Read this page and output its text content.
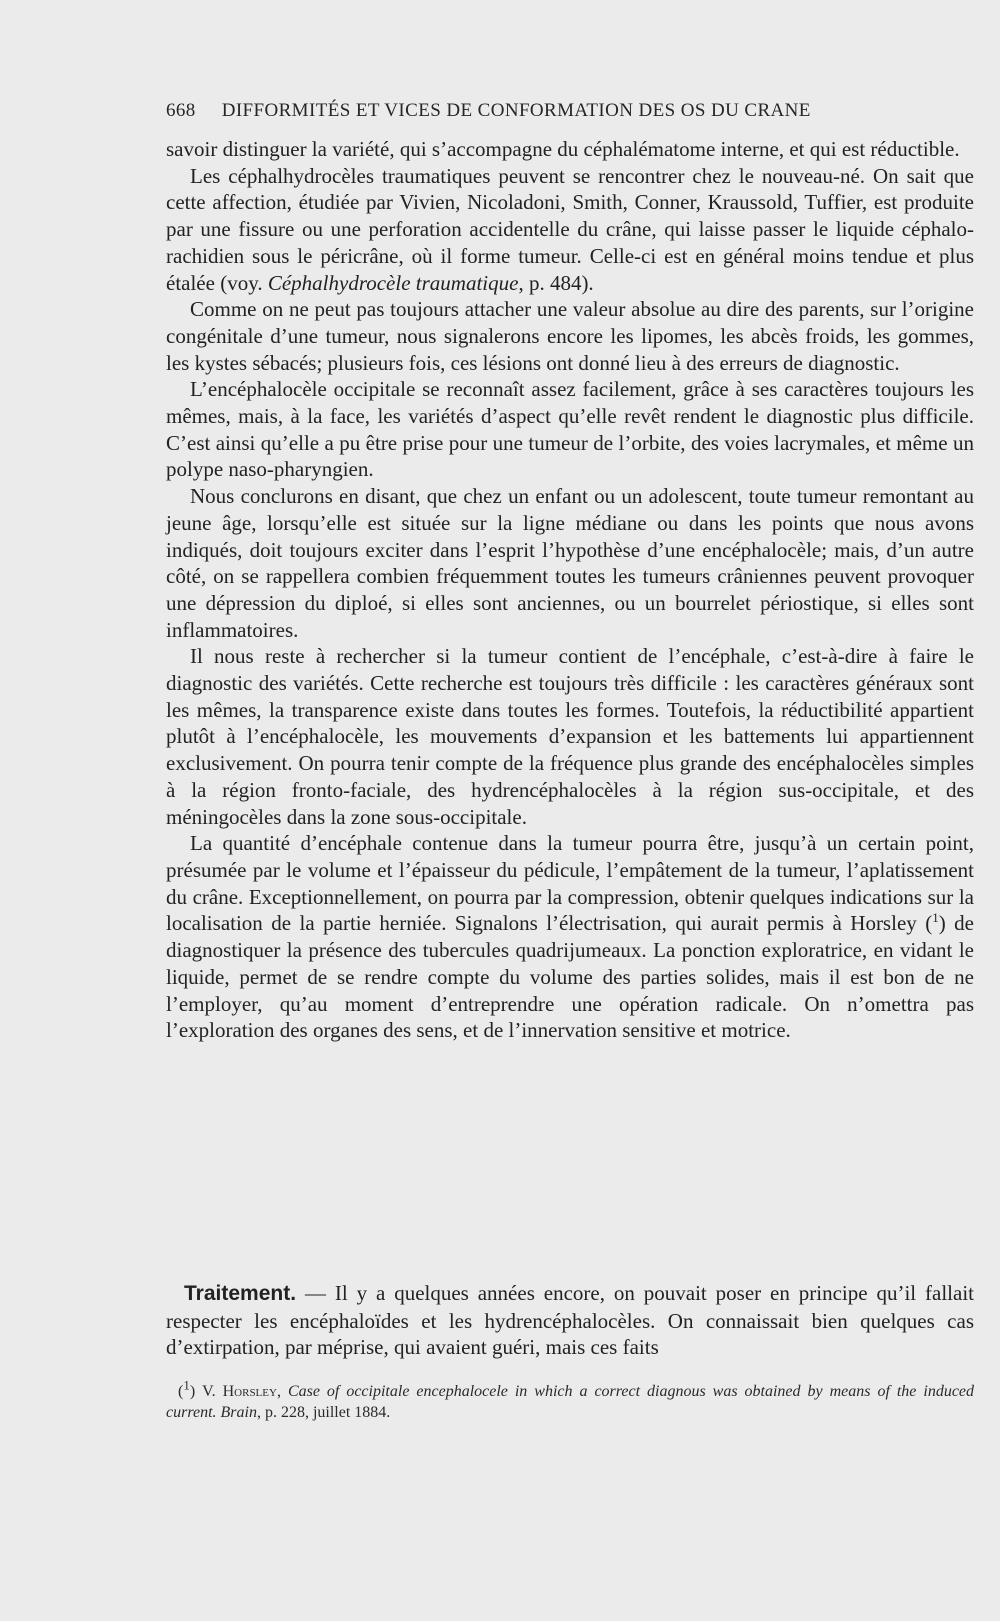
668 DIFFORMITÉS ET VICES DE CONFORMATION DES OS DU CRANE

savoir distinguer la variété, qui s’accompagne du céphalématome interne, et qui est réductible.

Les céphalhydrocèles traumatiques peuvent se rencontrer chez le nouveau-né. On sait que cette affection, étudiée par Vivien, Nicoladoni, Smith, Conner, Kraussold, Tuffier, est produite par une fissure ou une perforation accidentelle du crâne, qui laisse passer le liquide céphalo-rachidien sous le péricrâne, où il forme tumeur. Celle-ci est en général moins tendue et plus étalée (voy. Céphalhydrocèle traumatique, p. 484).

Comme on ne peut pas toujours attacher une valeur absolue au dire des parents, sur l’origine congénitale d’une tumeur, nous signalerons encore les lipomes, les abcès froids, les gommes, les kystes sébacés; plusieurs fois, ces lésions ont donné lieu à des erreurs de diagnostic.

L’encéphalocèle occipitale se reconnaît assez facilement, grâce à ses caractères toujours les mêmes, mais, à la face, les variétés d’aspect qu’elle revêt rendent le diagnostic plus difficile. C’est ainsi qu’elle a pu être prise pour une tumeur de l’orbite, des voies lacrymales, et même un polype naso-pharyngien.

Nous conclurons en disant, que chez un enfant ou un adolescent, toute tumeur remontant au jeune âge, lorsqu’elle est située sur la ligne médiane ou dans les points que nous avons indiqués, doit toujours exciter dans l’esprit l’hypothèse d’une encéphalocèle; mais, d’un autre côté, on se rappellera combien fréquemment toutes les tumeurs crâniennes peuvent provoquer une dépression du diploé, si elles sont anciennes, ou un bourrelet périostique, si elles sont inflammatoires.

Il nous reste à rechercher si la tumeur contient de l’encéphale, c’est-à-dire à faire le diagnostic des variétés. Cette recherche est toujours très difficile : les caractères généraux sont les mêmes, la transparence existe dans toutes les formes. Toutefois, la réductibilité appartient plutôt à l’encéphalocèle, les mouvements d’expansion et les battements lui appartiennent exclusivement. On pourra tenir compte de la fréquence plus grande des encéphalocèles simples à la région fronto-faciale, des hydrencéphalocèles à la région sus-occipitale, et des méningocèles dans la zone sous-occipitale.

La quantité d’encéphale contenue dans la tumeur pourra être, jusqu’à un certain point, présumée par le volume et l’épaisseur du pédicule, l’empâtement de la tumeur, l’aplatissement du crâne. Exceptionnellement, on pourra par la compression, obtenir quelques indications sur la localisation de la partie herniée. Signalons l’électrisation, qui aurait permis à Horsley ($^1$) de diagnostiquer la présence des tubercules quadrijumeaux. La ponction exploratrice, en vidant le liquide, permet de se rendre compte du volume des parties solides, mais il est bon de ne l’employer, qu’au moment d’entreprendre une opération radicale. On n’omettra pas l’exploration des organes des sens, et de l’innervation sensitive et motrice.

Traitement. — Il y a quelques années encore, on pouvait poser en principe qu’il fallait respecter les encéphaloïdes et les hydrencéphalocèles. On connaissait bien quelques cas d’extirpation, par méprise, qui avaient guéri, mais ces faits

($^1$) V. Horsley, Case of occipitale encephalocele in which a correct diagnous was obtained by means of the induced current. Brain, p. 228, juillet 1884.
